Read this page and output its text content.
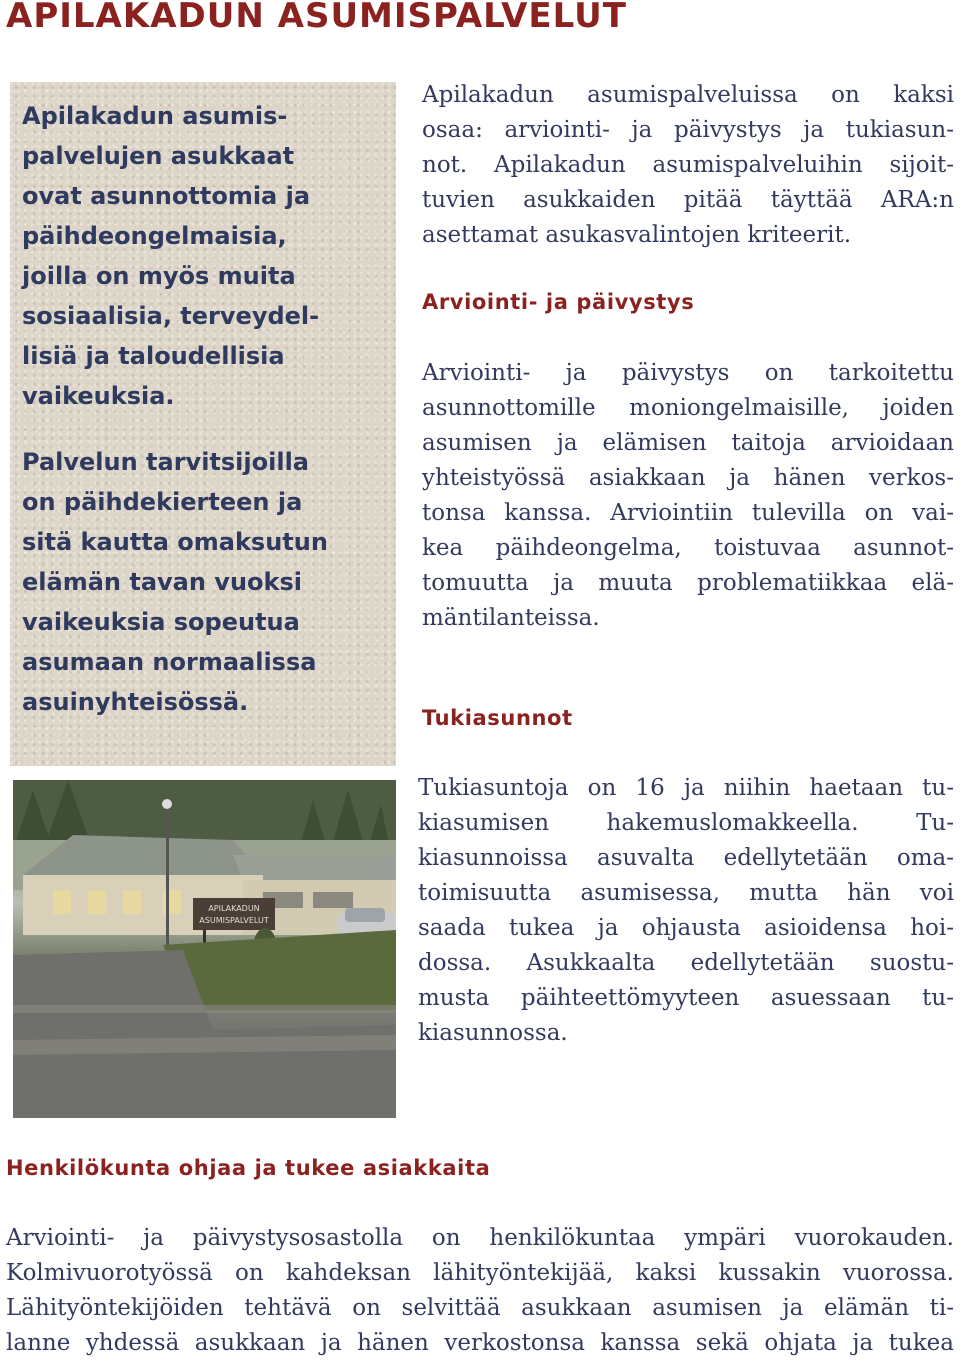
APILAKADUN ASUMISPALVELUT

Apilakadun asumis-
palvelujen asukkaat
ovat asunnottomia ja
päihdeongelmaisia,
joilla on myös muita
sosiaalisia, terveydel-
lisiä ja taloudellisia
vaikeuksia.

Palvelun tarvitsijoilla
on päihdekierteen ja
sitä kautta omaksutun
elämän tavan vuoksi
vaikeuksia sopeutua
asumaan normaalissa
asuinyhteisössä.

Apilakadun asumispalveluissa on kaksi
osaa: arviointi- ja päivystys ja tukiasun-
not. Apilakadun asumispalveluihin sijoit-
tuvien asukkaiden pitää täyttää ARA:n
asettamat asukasvalintojen kriteerit.

Arviointi- ja päivystys

Arviointi- ja päivystys on tarkoitettu
asunnottomille moniongelmaisille, joiden
asumisen ja elämisen taitoja arvioidaan
yhteistyössä asiakkaan ja hänen verkos-
tonsa kanssa. Arviointiin tulevilla on vai-
kea päihdeongelma, toistuvaa asunnot-
tomuutta ja muuta problematiikkaa elä-
mäntilanteissa.

Tukiasunnot

Tukiasuntoja on 16 ja niihin haetaan tu-
kiasumisen hakemuslomakkeella. Tu-
kiasunnoissa asuvalta edellytetään oma-
toimisuutta asumisessa, mutta hän voi
saada tukea ja ohjausta asioidensa hoi-
dossa. Asukkaalta edellytetään suostu-
musta päihteettömyyteen asuessaan tu-
kiasunnossa.

APILAKADUN
ASUMISPALVELUT
Henkilökunta ohjaa ja tukee asiakkaita

Arviointi- ja päivystysosastolla on henkilökuntaa ympäri vuorokauden.
Kolmivuorotyössä on kahdeksan lähityöntekijää, kaksi kussakin vuorossa.
Lähityöntekijöiden tehtävä on selvittää asukkaan asumisen ja elämän ti-
lanne yhdessä asukkaan ja hänen verkostonsa kanssa sekä ohjata ja tukea
